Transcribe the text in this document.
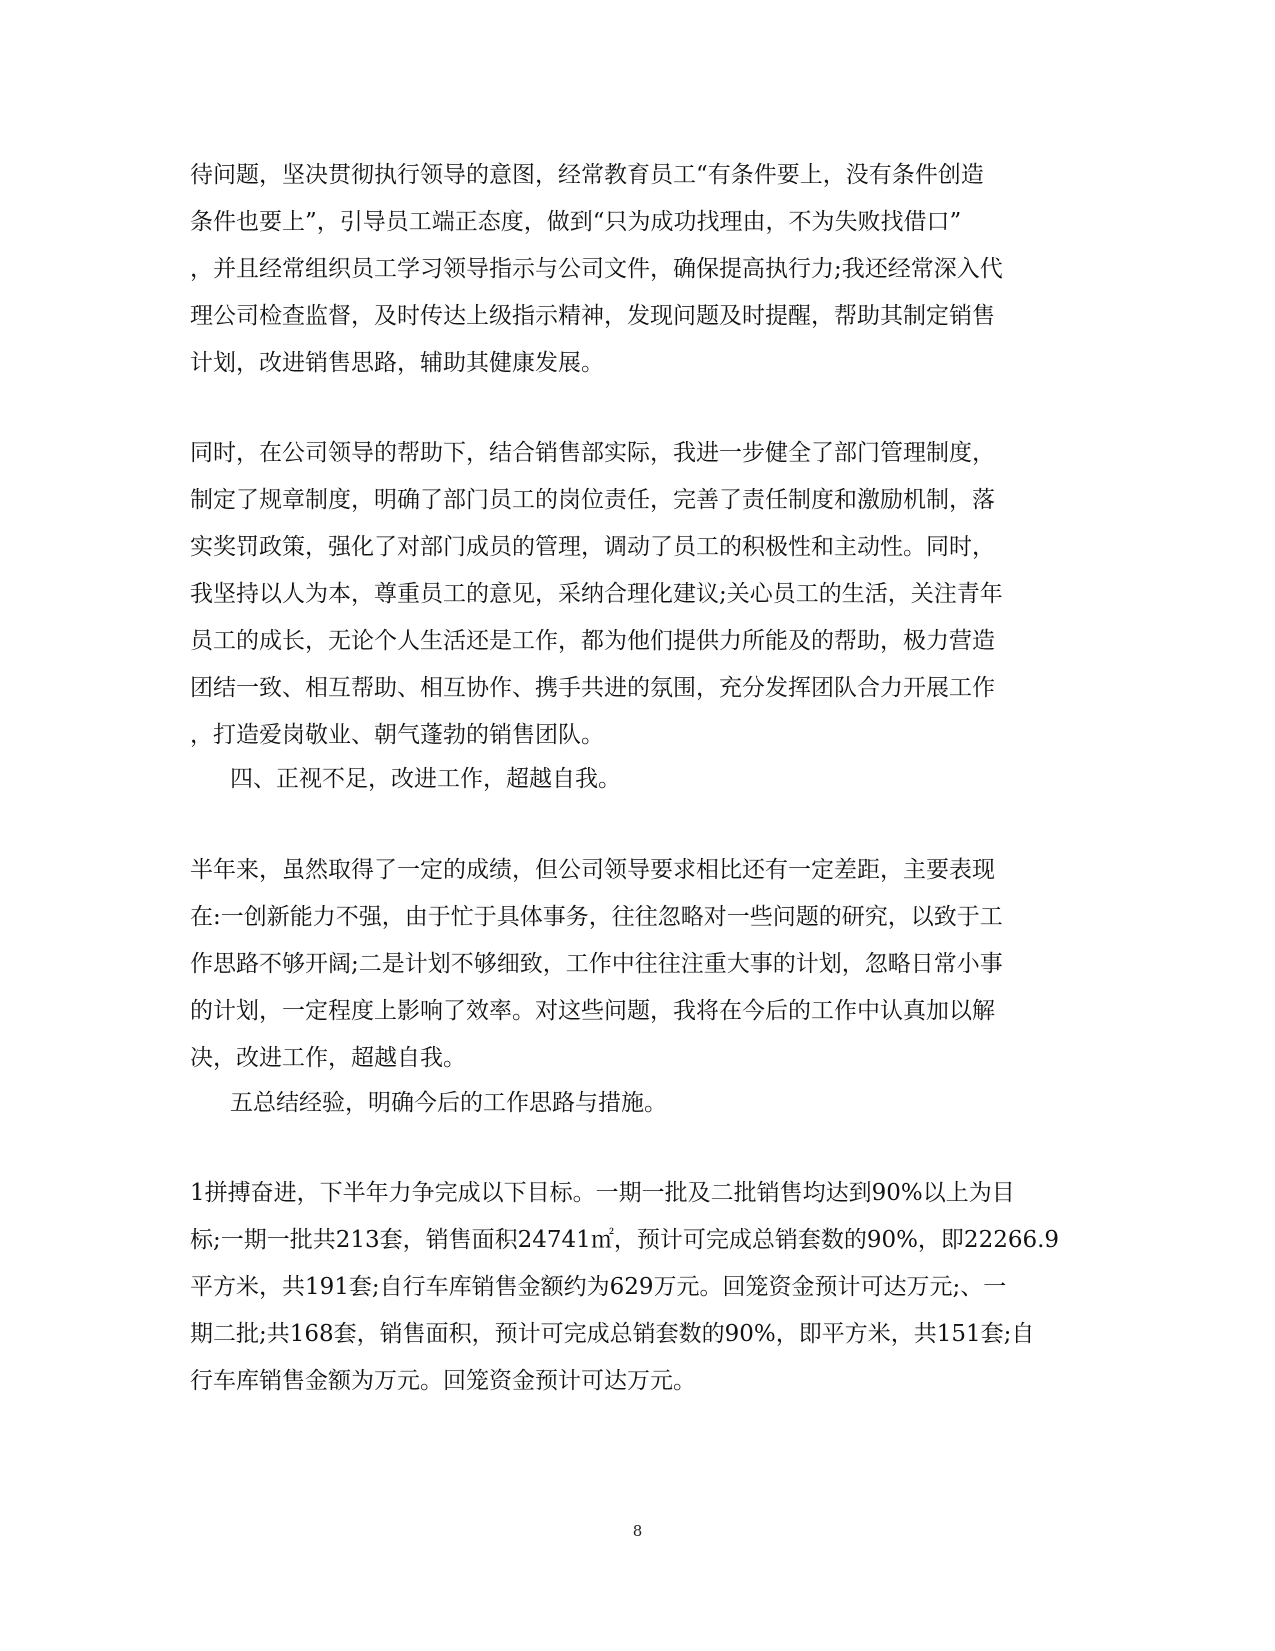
待问题，坚决贯彻执行领导的意图，经常教育员工“有条件要上，没有条件创造
条件也要上”，引导员工端正态度，做到“只为成功找理由，不为失败找借口”
，并且经常组织员工学习领导指示与公司文件，确保提高执行力;我还经常深入代
理公司检查监督，及时传达上级指示精神，发现问题及时提醒，帮助其制定销售
计划，改进销售思路，辅助其健康发展。
同时，在公司领导的帮助下，结合销售部实际，我进一步健全了部门管理制度，
制定了规章制度，明确了部门员工的岗位责任，完善了责任制度和激励机制，落
实奖罚政策，强化了对部门成员的管理，调动了员工的积极性和主动性。同时，
我坚持以人为本，尊重员工的意见，采纳合理化建议;关心员工的生活，关注青年
员工的成长，无论个人生活还是工作，都为他们提供力所能及的帮助，极力营造
团结一致、相互帮助、相互协作、携手共进的氛围，充分发挥团队合力开展工作
，打造爱岗敬业、朝气蓬勃的销售团队。
四、正视不足，改进工作，超越自我。
半年来，虽然取得了一定的成绩，但公司领导要求相比还有一定差距，主要表现
在:一创新能力不强，由于忙于具体事务，往往忽略对一些问题的研究，以致于工
作思路不够开阔;二是计划不够细致，工作中往往注重大事的计划，忽略日常小事
的计划，一定程度上影响了效率。对这些问题，我将在今后的工作中认真加以解
决，改进工作，超越自我。
五总结经验，明确今后的工作思路与措施。
1拼搏奋进，下半年力争完成以下目标。一期一批及二批销售均达到90%以上为目
标;一期一批共213套，销售面积24741㎡，预计可完成总销套数的90%，即22266.9
平方米，共191套;自行车库销售金额约为629万元。回笼资金预计可达万元;、一
期二批;共168套，销售面积，预计可完成总销套数的90%，即平方米，共151套;自
行车库销售金额为万元。回笼资金预计可达万元。
8
